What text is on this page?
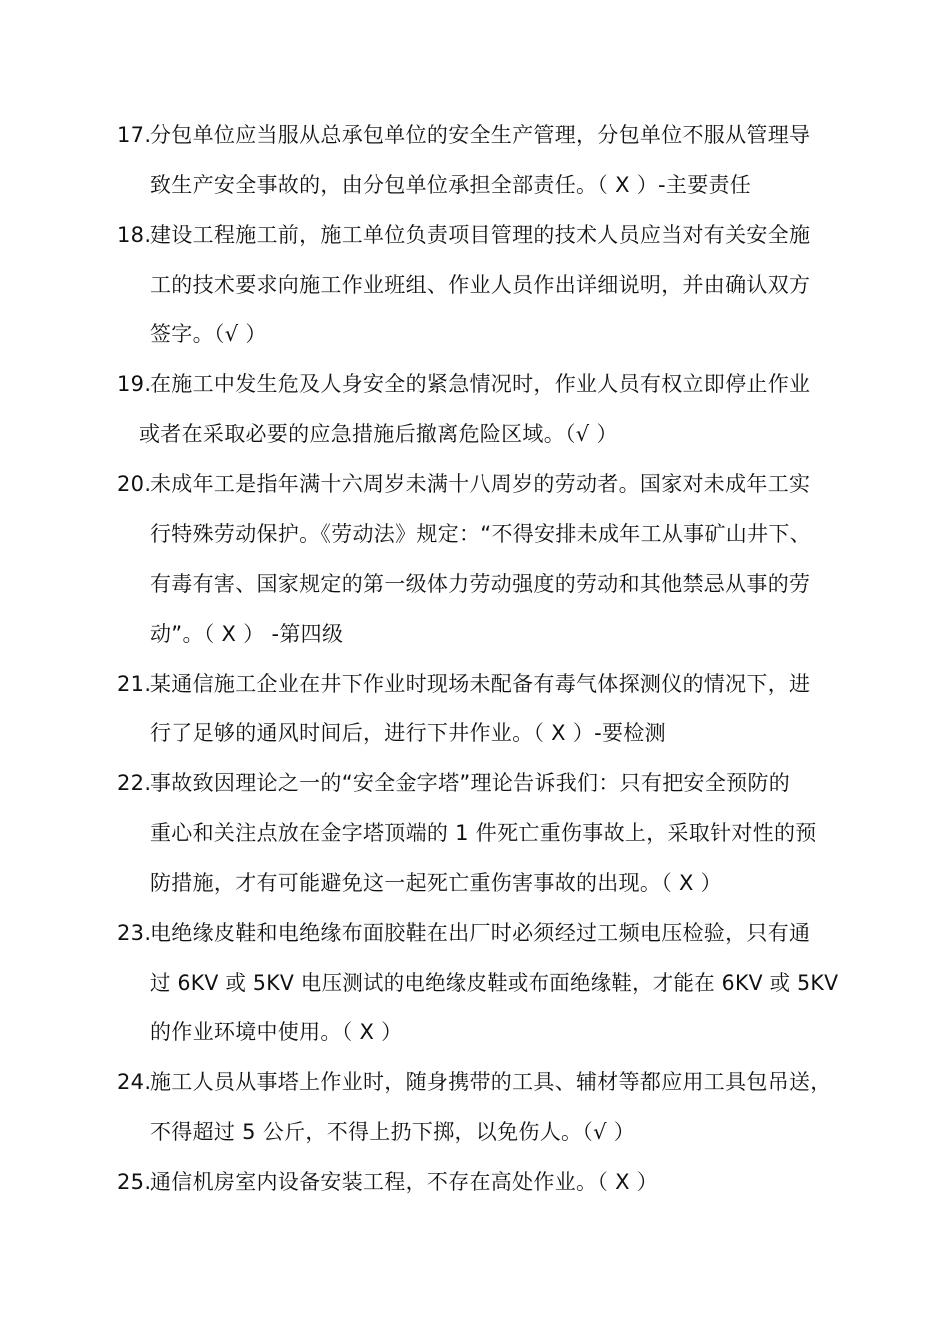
17.
分包单位应当服从总承包单位的安全生产管理，分包单位不服从管理导
致生产安全事故的，由分包单位承担全部责任。（ X ）-主要责任
18.
建设工程施工前，施工单位负责项目管理的技术人员应当对有关安全施
工的技术要求向施工作业班组、作业人员作出详细说明，并由确认双方
签字。（√ ）
19.
在施工中发生危及人身安全的紧急情况时，作业人员有权立即停止作业
或者在采取必要的应急措施后撤离危险区域。（√ ）
20.
未成年工是指年满十六周岁未满十八周岁的劳动者。国家对未成年工实
行特殊劳动保护。《劳动法》规定：“不得安排未成年工从事矿山井下、
有毒有害、国家规定的第一级体力劳动强度的劳动和其他禁忌从事的劳
动”。（ X ） -第四级
21.
某通信施工企业在井下作业时现场未配备有毒气体探测仪的情况下，进
行了足够的通风时间后，进行下井作业。（ X ）-要检测
22.
事故致因理论之一的“安全金字塔”理论告诉我们：只有把安全预防的
重心和关注点放在金字塔顶端的 1 件死亡重伤事故上，采取针对性的预
防措施，才有可能避免这一起死亡重伤害事故的出现。（ X ）
23.
电绝缘皮鞋和电绝缘布面胶鞋在出厂时必须经过工频电压检验，只有通
过 6KV 或 5KV 电压测试的电绝缘皮鞋或布面绝缘鞋，才能在 6KV 或 5KV
的作业环境中使用。（ X ）
24.
施工人员从事塔上作业时，随身携带的工具、辅材等都应用工具包吊送，
不得超过 5 公斤，不得上扔下掷，以免伤人。（√ ）
25.
通信机房室内设备安装工程，不存在高处作业。（ X ）
